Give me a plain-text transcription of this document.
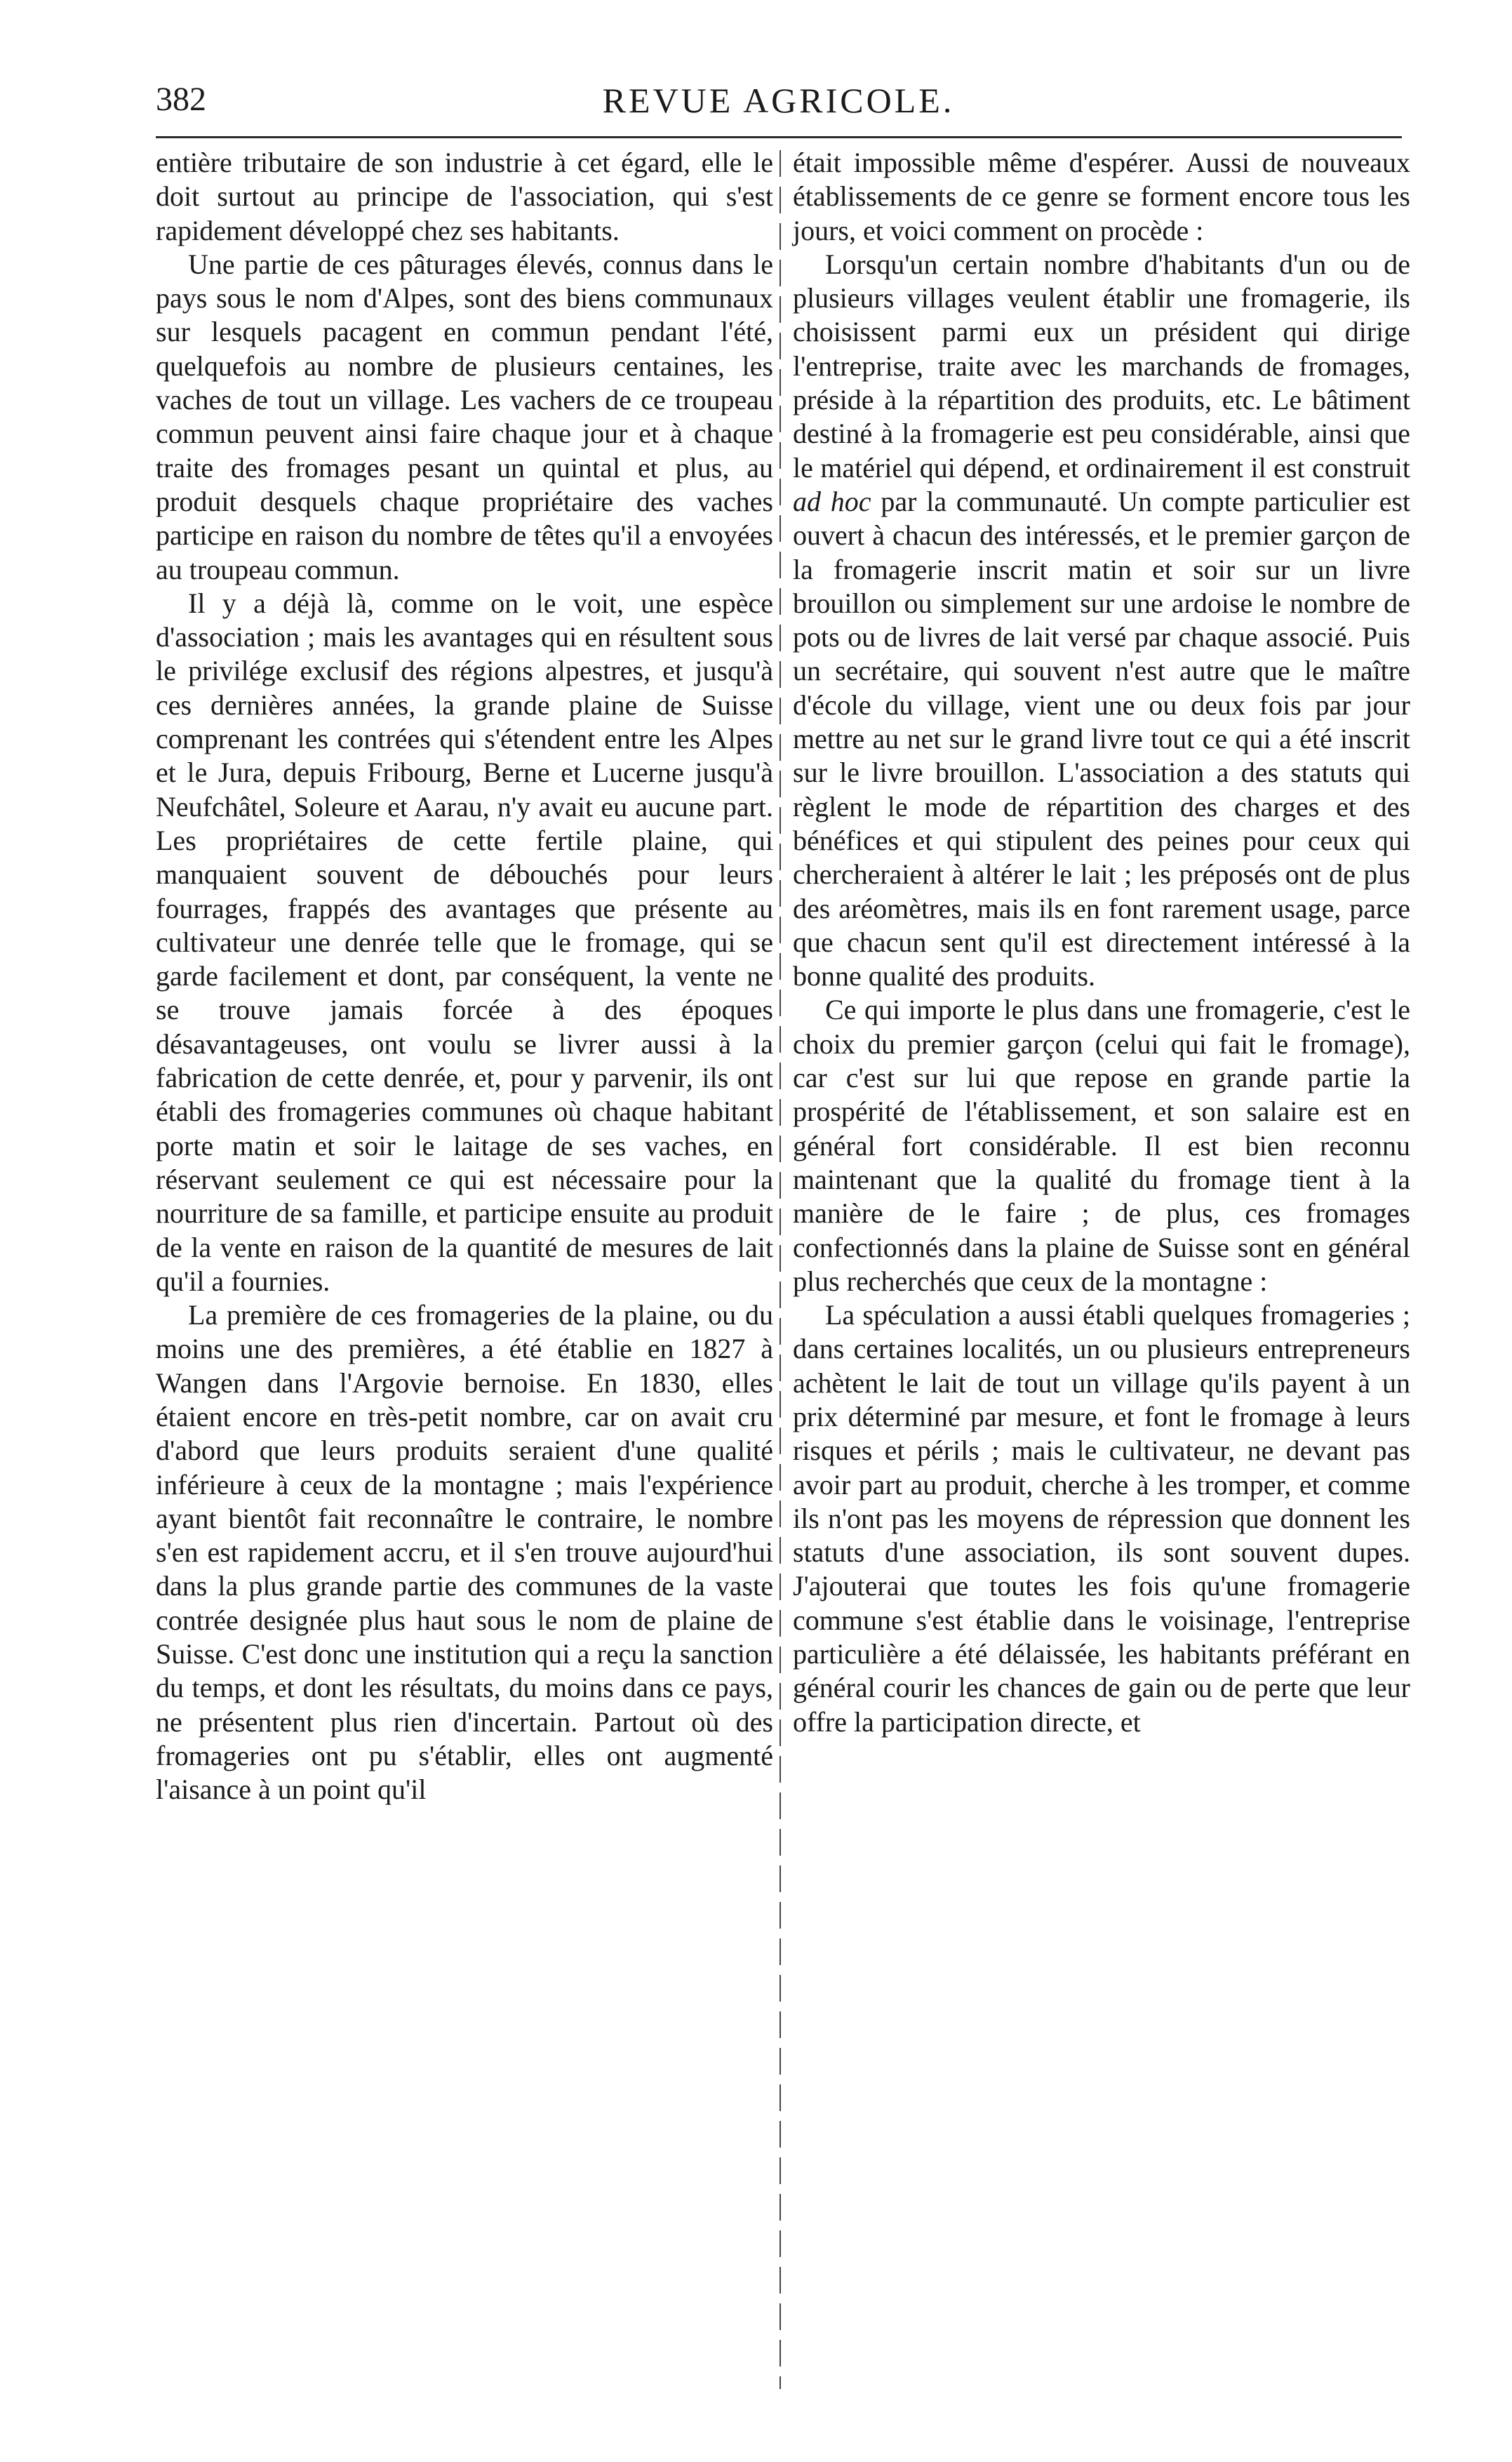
382	REVUE AGRICOLE.

entière tributaire de son industrie à cet égard, elle le doit surtout au principe de l'association, qui s'est rapidement développé chez ses habitants.

Une partie de ces pâturages élevés, connus dans le pays sous le nom d'Alpes, sont des biens communaux sur lesquels pacagent en commun pendant l'été, quelquefois au nombre de plusieurs centaines, les vaches de tout un village. Les vachers de ce troupeau commun peuvent ainsi faire chaque jour et à chaque traite des fromages pesant un quintal et plus, au produit desquels chaque propriétaire des vaches participe en raison du nombre de têtes qu'il a envoyées au troupeau commun.

Il y a déjà là, comme on le voit, une espèce d'association ; mais les avantages qui en résultent sous le privilége exclusif des régions alpestres, et jusqu'à ces dernières années, la grande plaine de Suisse comprenant les contrées qui s'étendent entre les Alpes et le Jura, depuis Fribourg, Berne et Lucerne jusqu'à Neufchâtel, Soleure et Aarau, n'y avait eu aucune part. Les propriétaires de cette fertile plaine, qui manquaient souvent de débouchés pour leurs fourrages, frappés des avantages que présente au cultivateur une denrée telle que le fromage, qui se garde facilement et dont, par conséquent, la vente ne se trouve jamais forcée à des époques désavantageuses, ont voulu se livrer aussi à la fabrication de cette denrée, et, pour y parvenir, ils ont établi des fromageries communes où chaque habitant porte matin et soir le laitage de ses vaches, en réservant seulement ce qui est nécessaire pour la nourriture de sa famille, et participe ensuite au produit de la vente en raison de la quantité de mesures de lait qu'il a fournies.

La première de ces fromageries de la plaine, ou du moins une des premières, a été établie en 1827 à Wangen dans l'Argovie bernoise. En 1830, elles étaient encore en très-petit nombre, car on avait cru d'abord que leurs produits seraient d'une qualité inférieure à ceux de la montagne ; mais l'expérience ayant bientôt fait reconnaître le contraire, le nombre s'en est rapidement accru, et il s'en trouve aujourd'hui dans la plus grande partie des communes de la vaste contrée designée plus haut sous le nom de plaine de Suisse. C'est donc une institution qui a reçu la sanction du temps, et dont les résultats, du moins dans ce pays, ne présentent plus rien d'incertain. Partout où des fromageries ont pu s'établir, elles ont augmenté l'aisance à un point qu'il

était impossible même d'espérer. Aussi de nouveaux établissements de ce genre se forment encore tous les jours, et voici comment on procède :

Lorsqu'un certain nombre d'habitants d'un ou de plusieurs villages veulent établir une fromagerie, ils choisissent parmi eux un président qui dirige l'entreprise, traite avec les marchands de fromages, préside à la répartition des produits, etc. Le bâtiment destiné à la fromagerie est peu considérable, ainsi que le matériel qui dépend, et ordinairement il est construit ad hoc par la communauté. Un compte particulier est ouvert à chacun des intéressés, et le premier garçon de la fromagerie inscrit matin et soir sur un livre brouillon ou simplement sur une ardoise le nombre de pots ou de livres de lait versé par chaque associé. Puis un secrétaire, qui souvent n'est autre que le maître d'école du village, vient une ou deux fois par jour mettre au net sur le grand livre tout ce qui a été inscrit sur le livre brouillon. L'association a des statuts qui règlent le mode de répartition des charges et des bénéfices et qui stipulent des peines pour ceux qui chercheraient à altérer le lait ; les préposés ont de plus des aréomètres, mais ils en font rarement usage, parce que chacun sent qu'il est directement intéressé à la bonne qualité des produits.

Ce qui importe le plus dans une fromagerie, c'est le choix du premier garçon (celui qui fait le fromage), car c'est sur lui que repose en grande partie la prospérité de l'établissement, et son salaire est en général fort considérable. Il est bien reconnu maintenant que la qualité du fromage tient à la manière de le faire ; de plus, ces fromages confectionnés dans la plaine de Suisse sont en général plus recherchés que ceux de la montagne :

La spéculation a aussi établi quelques fromageries ; dans certaines localités, un ou plusieurs entrepreneurs achètent le lait de tout un village qu'ils payent à un prix déterminé par mesure, et font le fromage à leurs risques et périls ; mais le cultivateur, ne devant pas avoir part au produit, cherche à les tromper, et comme ils n'ont pas les moyens de répression que donnent les statuts d'une association, ils sont souvent dupes. J'ajouterai que toutes les fois qu'une fromagerie commune s'est établie dans le voisinage, l'entreprise particulière a été délaissée, les habitants préférant en général courir les chances de gain ou de perte que leur offre la participation directe, et
